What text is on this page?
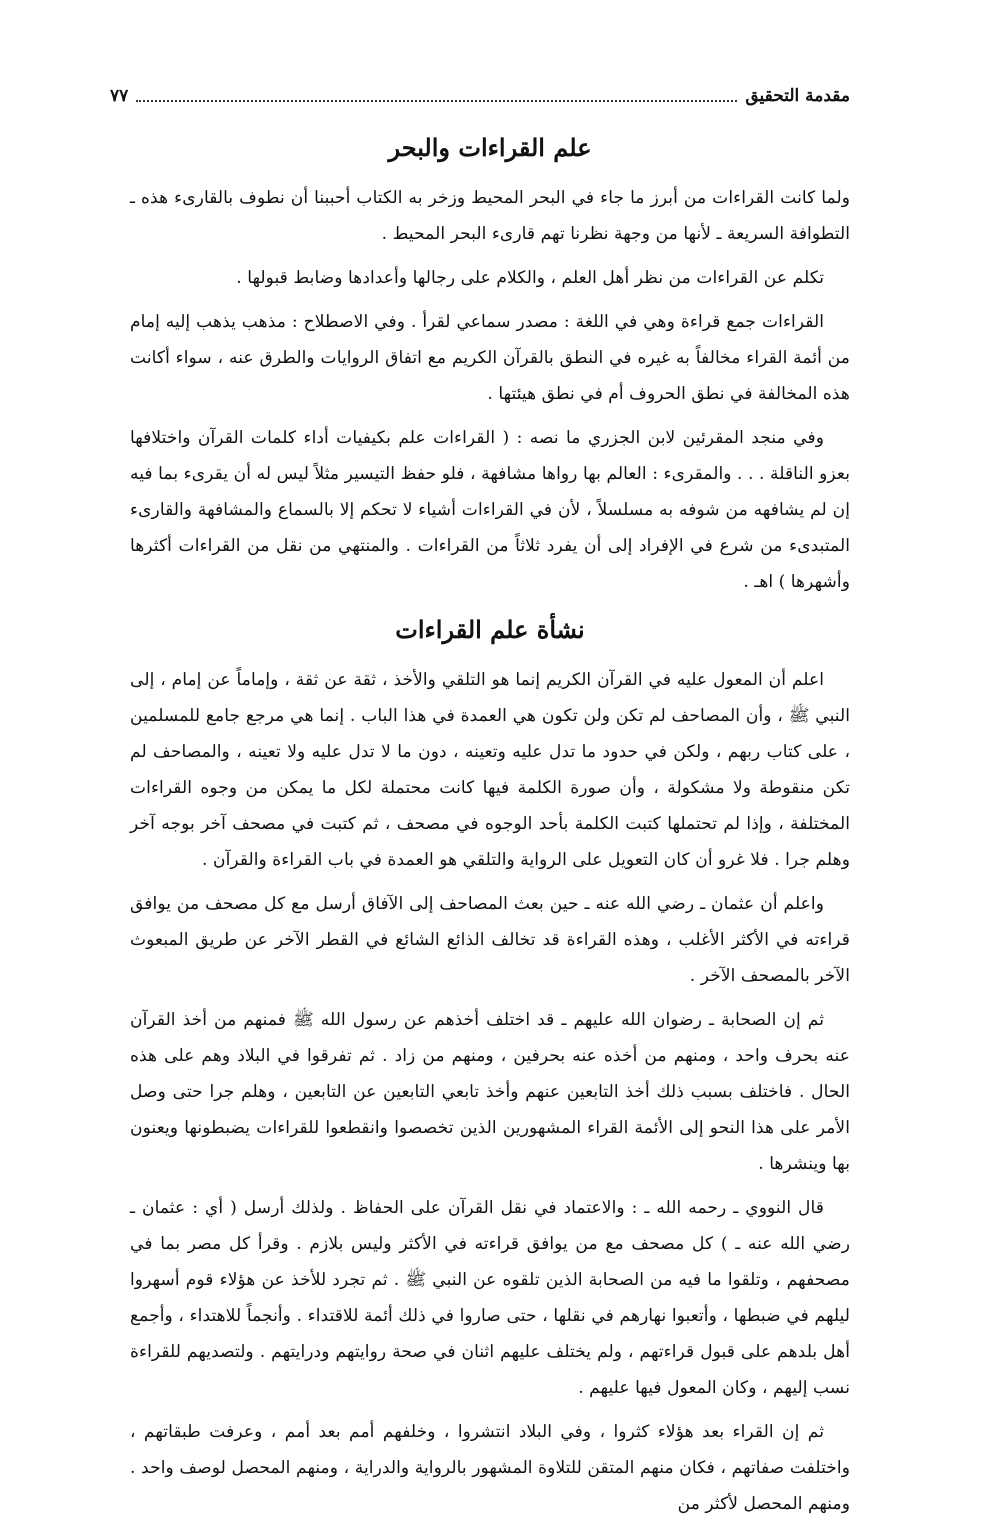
مقدمة التحقيق
٧٧
علم القراءات والبحر

ولما كانت القراءات من أبرز ما جاء في البحر المحيط وزخر به الكتاب أحببنا أن نطوف بالقارىء هذه ـ التطوافة السريعة ـ لأنها من وجهة نظرنا تهم قارىء البحر المحيط .

تكلم عن القراءات من نظر أهل العلم ، والكلام على رجالها وأعدادها وضابط قبولها .

القراءات جمع قراءة وهي في اللغة : مصدر سماعي لقرأ . وفي الاصطلاح : مذهب يذهب إليه إمام من أئمة القراء مخالفاً به غيره في النطق بالقرآن الكريم مع اتفاق الروايات والطرق عنه ، سواء أكانت هذه المخالفة في نطق الحروف أم في نطق هيئتها .

وفي منجد المقرئين لابن الجزري ما نصه : ( القراءات علم بكيفيات أداء كلمات القرآن واختلافها بعزو الناقلة . . . والمقرىء : العالم بها رواها مشافهة ، فلو حفظ التيسير مثلاً ليس له أن يقرىء بما فيه إن لم يشافهه من شوفه به مسلسلاً ، لأن في القراءات أشياء لا تحكم إلا بالسماع والمشافهة والقارىء المتبدىء من شرع في الإفراد إلى أن يفرد ثلاثاً من القراءات . والمنتهي من نقل من القراءات أكثرها وأشهرها ) اهـ .

نشأة علم القراءات

اعلم أن المعول عليه في القرآن الكريم إنما هو التلقي والأخذ ، ثقة عن ثقة ، وإماماً عن إمام ، إلى النبي ﷺ ، وأن المصاحف لم تكن ولن تكون هي العمدة في هذا الباب . إنما هي مرجع جامع للمسلمين ، على كتاب ربهم ، ولكن في حدود ما تدل عليه وتعينه ، دون ما لا تدل عليه ولا تعينه ، والمصاحف لم تكن منقوطة ولا مشكولة ، وأن صورة الكلمة فيها كانت محتملة لكل ما يمكن من وجوه القراءات المختلفة ، وإذا لم تحتملها كتبت الكلمة بأحد الوجوه في مصحف ، ثم كتبت في مصحف آخر بوجه آخر وهلم جرا . فلا غرو أن كان التعويل على الرواية والتلقي هو العمدة في باب القراءة والقرآن .

واعلم أن عثمان ـ رضي الله عنه ـ حين بعث المصاحف إلى الآفاق أرسل مع كل مصحف من يوافق قراءته في الأكثر الأغلب ، وهذه القراءة قد تخالف الذائع الشائع في القطر الآخر عن طريق المبعوث الآخر بالمصحف الآخر .

ثم إن الصحابة ـ رضوان الله عليهم ـ قد اختلف أخذهم عن رسول الله ﷺ فمنهم من أخذ القرآن عنه بحرف واحد ، ومنهم من أخذه عنه بحرفين ، ومنهم من زاد . ثم تفرقوا في البلاد وهم على هذه الحال . فاختلف بسبب ذلك أخذ التابعين عنهم وأخذ تابعي التابعين عن التابعين ، وهلم جرا حتى وصل الأمر على هذا النحو إلى الأئمة القراء المشهورين الذين تخصصوا وانقطعوا للقراءات يضبطونها ويعنون بها وينشرها .

قال النووي ـ رحمه الله ـ : والاعتماد في نقل القرآن على الحفاظ . ولذلك أرسل ( أي : عثمان ـ رضي الله عنه ـ ) كل مصحف مع من يوافق قراءته في الأكثر وليس بلازم . وقرأ كل مصر بما في مصحفهم ، وتلقوا ما فيه من الصحابة الذين تلقوه عن النبي ﷺ . ثم تجرد للأخذ عن هؤلاء قوم أسهروا ليلهم في ضبطها ، وأتعبوا نهارهم في نقلها ، حتى صاروا في ذلك أئمة للاقتداء . وأنجماً للاهتداء ، وأجمع أهل بلدهم على قبول قراءتهم ، ولم يختلف عليهم اثنان في صحة روايتهم ودرايتهم . ولتصديهم للقراءة نسب إليهم ، وكان المعول فيها عليهم .

ثم إن القراء بعد هؤلاء كثروا ، وفي البلاد انتشروا ، وخلفهم أمم بعد أمم ، وعرفت طبقاتهم ، واختلفت صفاتهم ، فكان منهم المتقن للتلاوة المشهور بالرواية والدراية ، ومنهم المحصل لوصف واحد . ومنهم المحصل لأكثر من
